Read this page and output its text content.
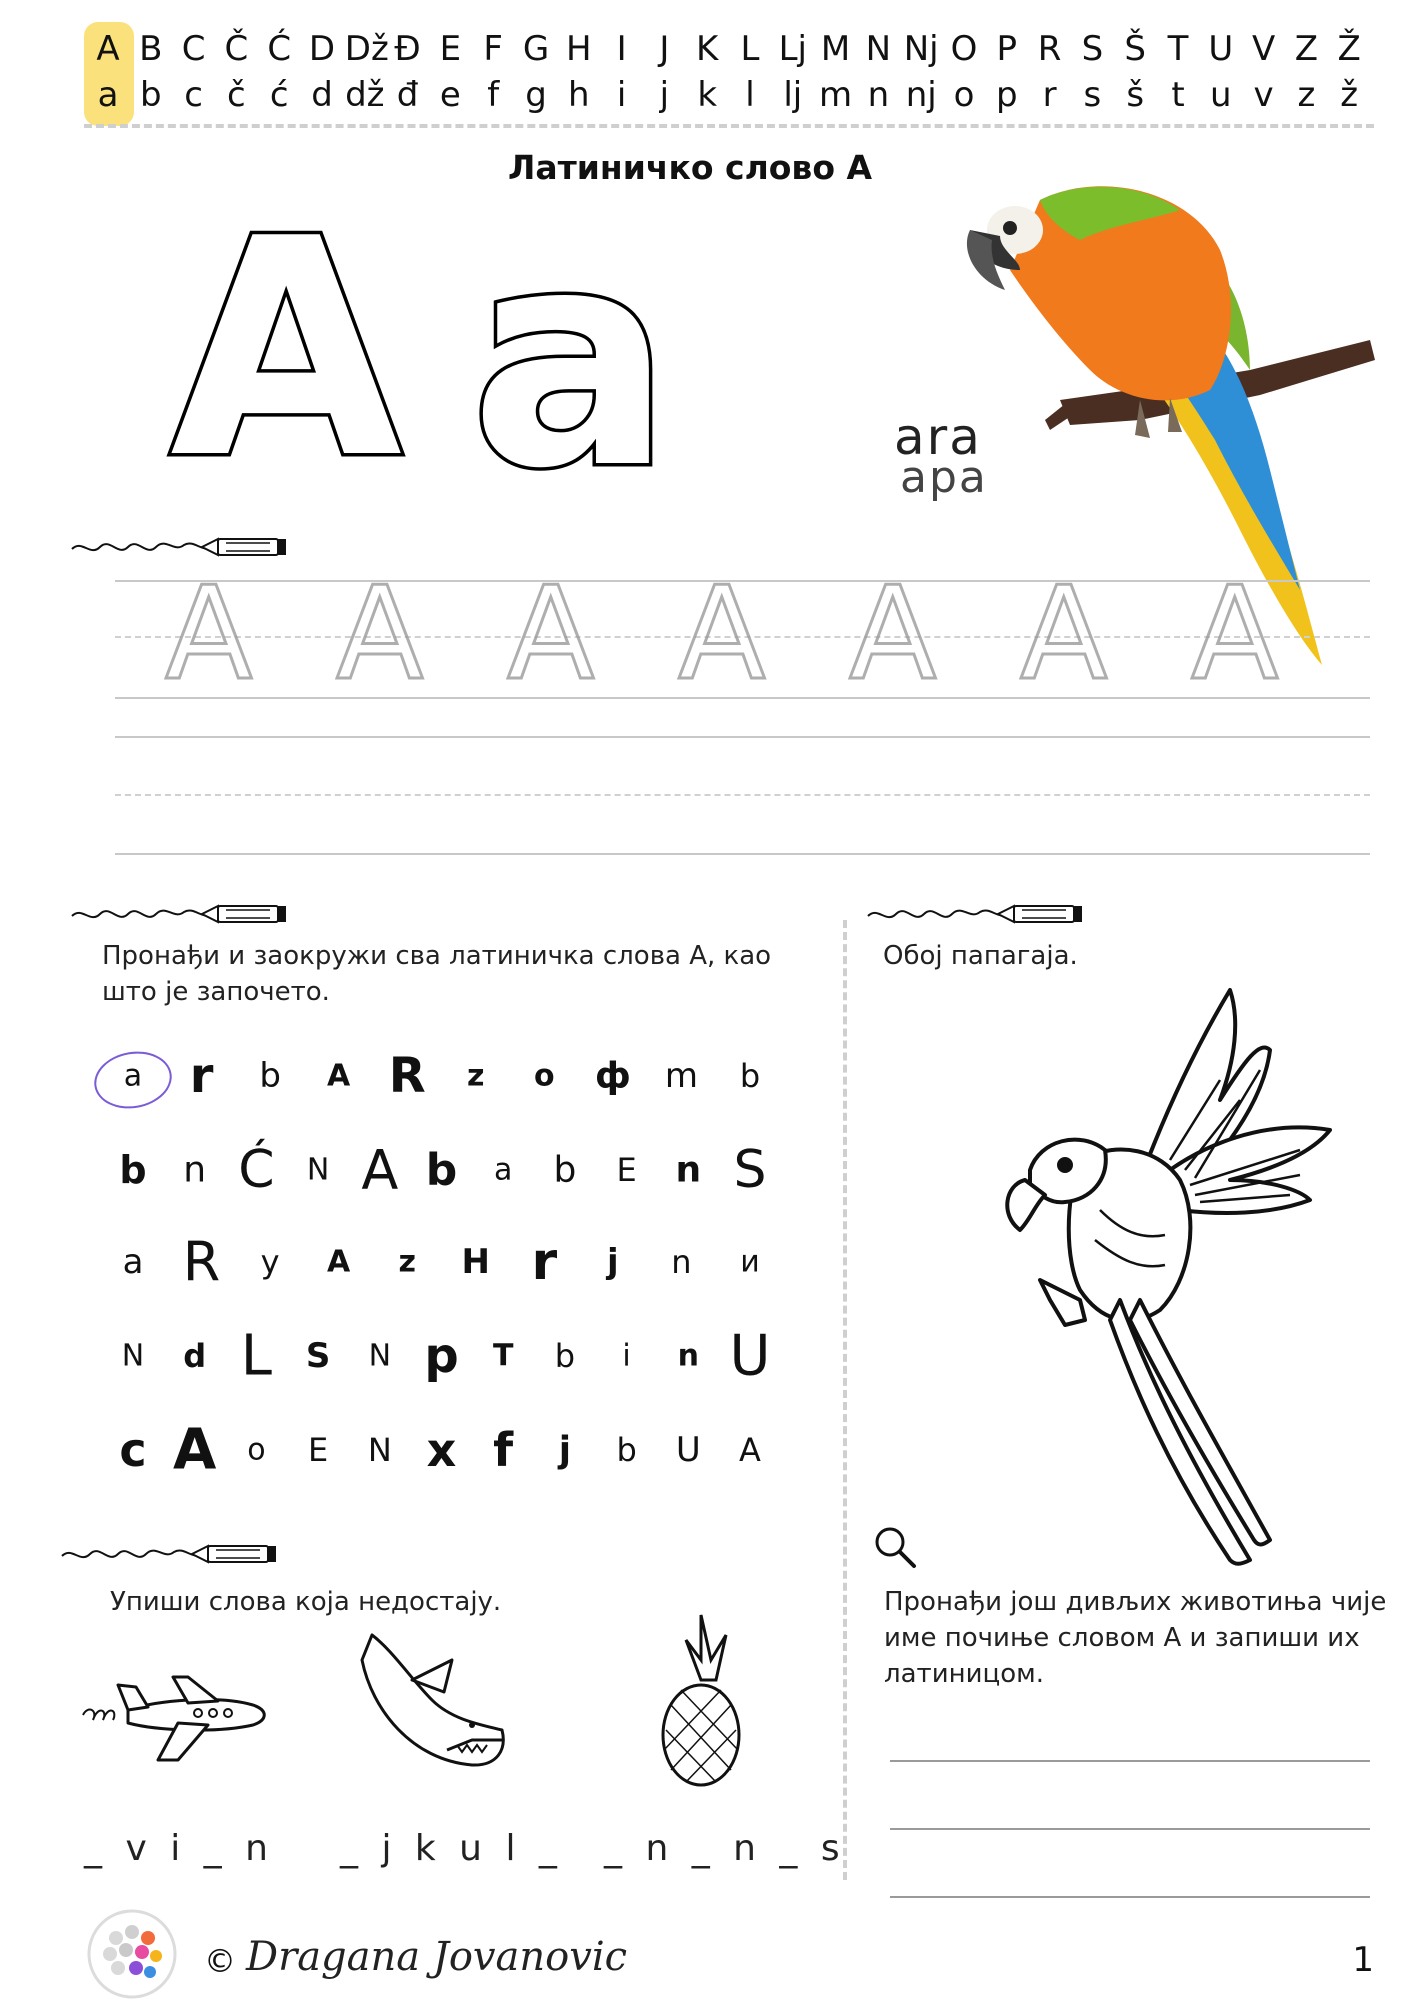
A B C Č Ć D Dž Đ E F G H I J K L Lj M N Nj O P R S Š T U V Z Ž
a b c č ć d dž đ e f g h i j k l lj m n nj o p r s š t u v z ž
Латиничко слово А
A a	ara
ара
A A A A A A A
Пронађи и заокружи сва латиничка слова А, као што је започето.
a r b A R z o ф m b
b n Ć N A b a b E n S
a R y A z H r j n и
N d L S N p T b i n U
c A o E N x f j b U A
Обој папагаја.
Упиши слова која недостају.
_ v i _ n _ j k u l _ _ n _ n _ s
Пронађи још дивљих животиња чије име почиње словом А и запиши их латиницом.
© Dragana Jovanovic	1
